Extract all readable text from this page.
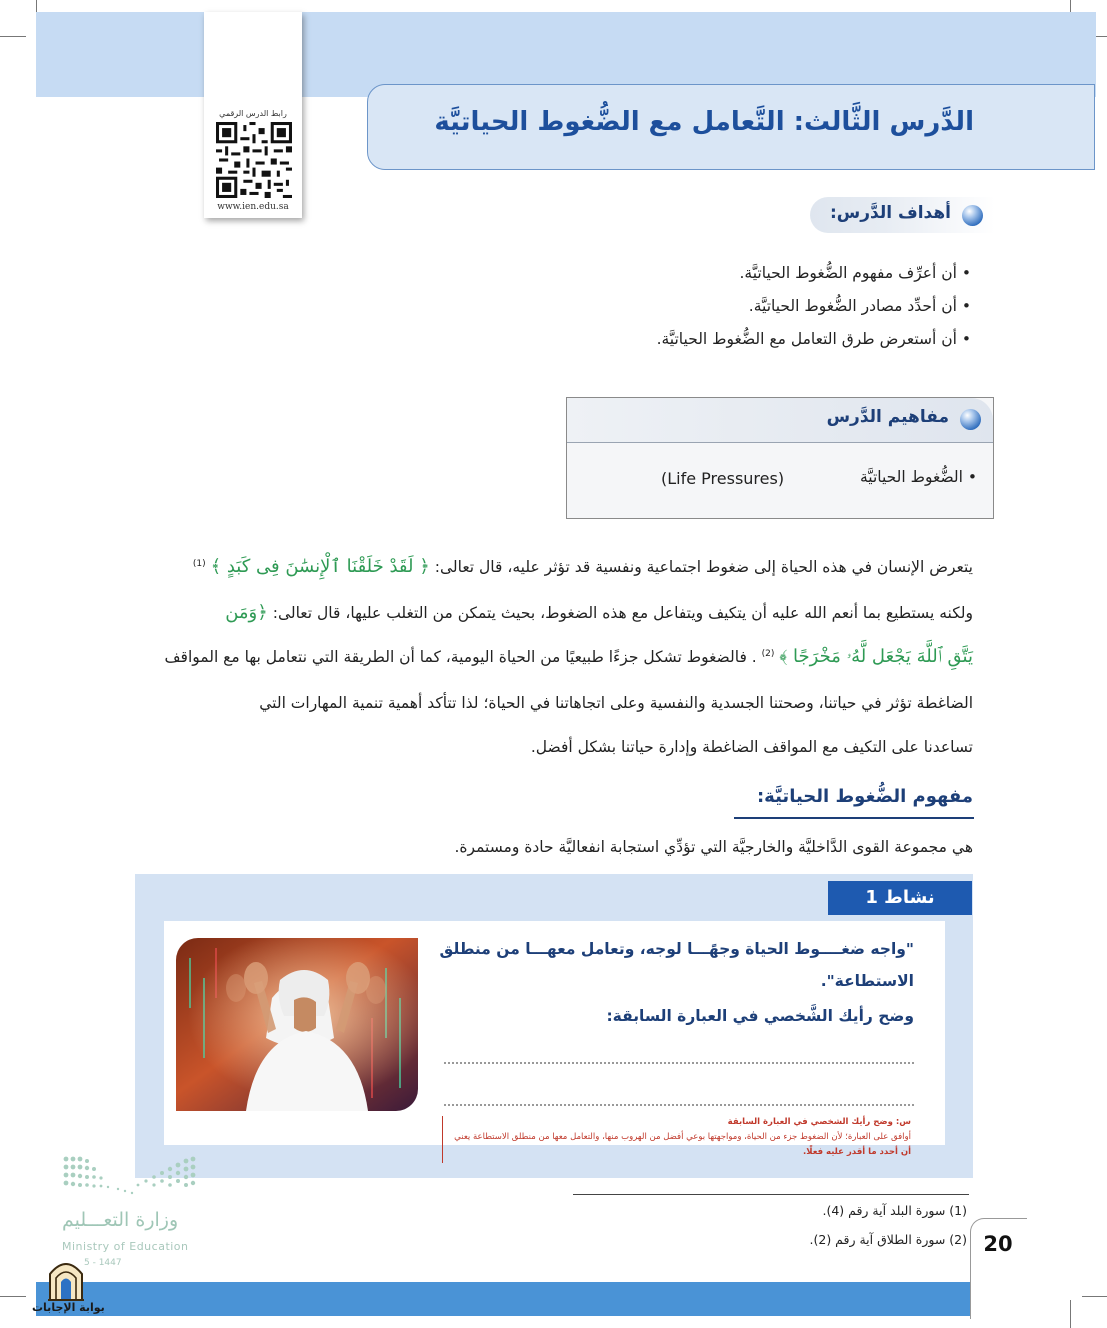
الدَّرس الثَّالث: التَّعامل مع الضُّغوط الحياتيَّة
رابط الدرس الرقمي
www.ien.edu.sa	أهداف الدَّرس:
• أن أعرِّف مفهوم الضُّغوط الحياتيَّة.
• أن أحدِّد مصادر الضُّغوط الحياتيَّة.
• أن أستعرض طرق التعامل مع الضُّغوط الحياتيَّة.
مفاهيم الدَّرس
• الضُّغوط الحياتيَّة
(Life Pressures)
يتعرض الإنسان في هذه الحياة إلى ضغوط اجتماعية ونفسية قد تؤثر عليه، قال تعالى: ﴿ لَقَدْ خَلَقْنَا ٱلْإِنسَٰنَ فِى كَبَدٍ ﴾ $^{(1)}$
ولكنه يستطيع بما أنعم الله عليه أن يتكيف ويتفاعل مع هذه الضغوط، بحيث يتمكن من التغلب عليها، قال تعالى: ﴿وَمَن
يَتَّقِ ٱللَّهَ يَجْعَل لَّهُۥ مَخْرَجًا ﴾ $^{(2)}$ . فالضغوط تشكل جزءًا طبيعيًا من الحياة اليومية، كما أن الطريقة التي نتعامل بها مع المواقف
الضاغطة تؤثر في حياتنا، وصحتنا الجسدية والنفسية وعلى اتجاهاتنا في الحياة؛ لذا تتأكد أهمية تنمية المهارات التي
تساعدنا على التكيف مع المواقف الضاغطة وإدارة حياتنا بشكل أفضل.
مفهوم الضُّغوط الحياتيَّة:
هي مجموعة القوى الدَّاخليَّة والخارجيَّة التي تؤدِّي استجابة انفعاليَّة حادة ومستمرة.
نشاط 1
"واجه ضغــــوط الحياة وجهًـــا لوجه، وتعامل معهـــا من منطلق
الاستطاعة".
وضح رأيك الشَّخصي في العبارة السابقة:
س: وضح رأيك الشخصي في العبارة السابقة
أوافق على العبارة؛ لأن الضغوط جزء من الحياة، ومواجهتها بوعي أفضل من الهروب منها، والتعامل معها من منطلق الاستطاعة يعني
أن أحدد ما أقدر عليه فعلًا.
(1) سورة البلد آية رقم (4).
(2) سورة الطلاق آية رقم (2). 20
وزارة التعـــليم
Ministry of Education
5 - 1447
بوابة الإجابات
